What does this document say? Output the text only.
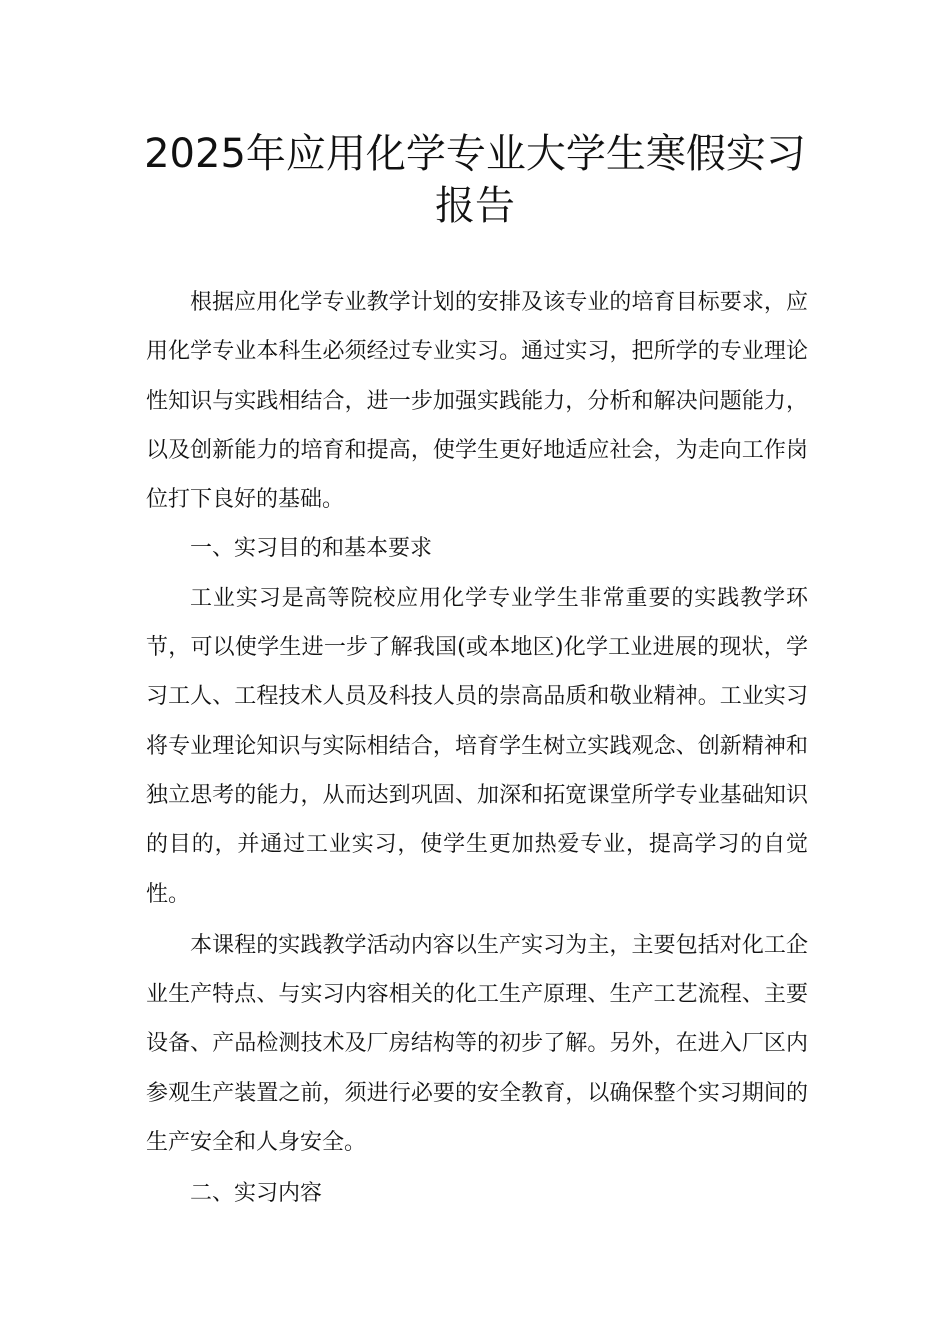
2025年应用化学专业大学生寒假实习报告

根据应用化学专业教学计划的安排及该专业的培育目标要求，应用化学专业本科生必须经过专业实习。通过实习，把所学的专业理论性知识与实践相结合，进一步加强实践能力，分析和解决问题能力，以及创新能力的培育和提高，使学生更好地适应社会，为走向工作岗位打下良好的基础。

一、实习目的和基本要求

工业实习是高等院校应用化学专业学生非常重要的实践教学环节，可以使学生进一步了解我国(或本地区)化学工业进展的现状，学习工人、工程技术人员及科技人员的崇高品质和敬业精神。工业实习将专业理论知识与实际相结合，培育学生树立实践观念、创新精神和独立思考的能力，从而达到巩固、加深和拓宽课堂所学专业基础知识的目的，并通过工业实习，使学生更加热爱专业，提高学习的自觉性。

本课程的实践教学活动内容以生产实习为主，主要包括对化工企业生产特点、与实习内容相关的化工生产原理、生产工艺流程、主要设备、产品检测技术及厂房结构等的初步了解。另外，在进入厂区内参观生产装置之前，须进行必要的安全教育，以确保整个实习期间的生产安全和人身安全。

二、实习内容
